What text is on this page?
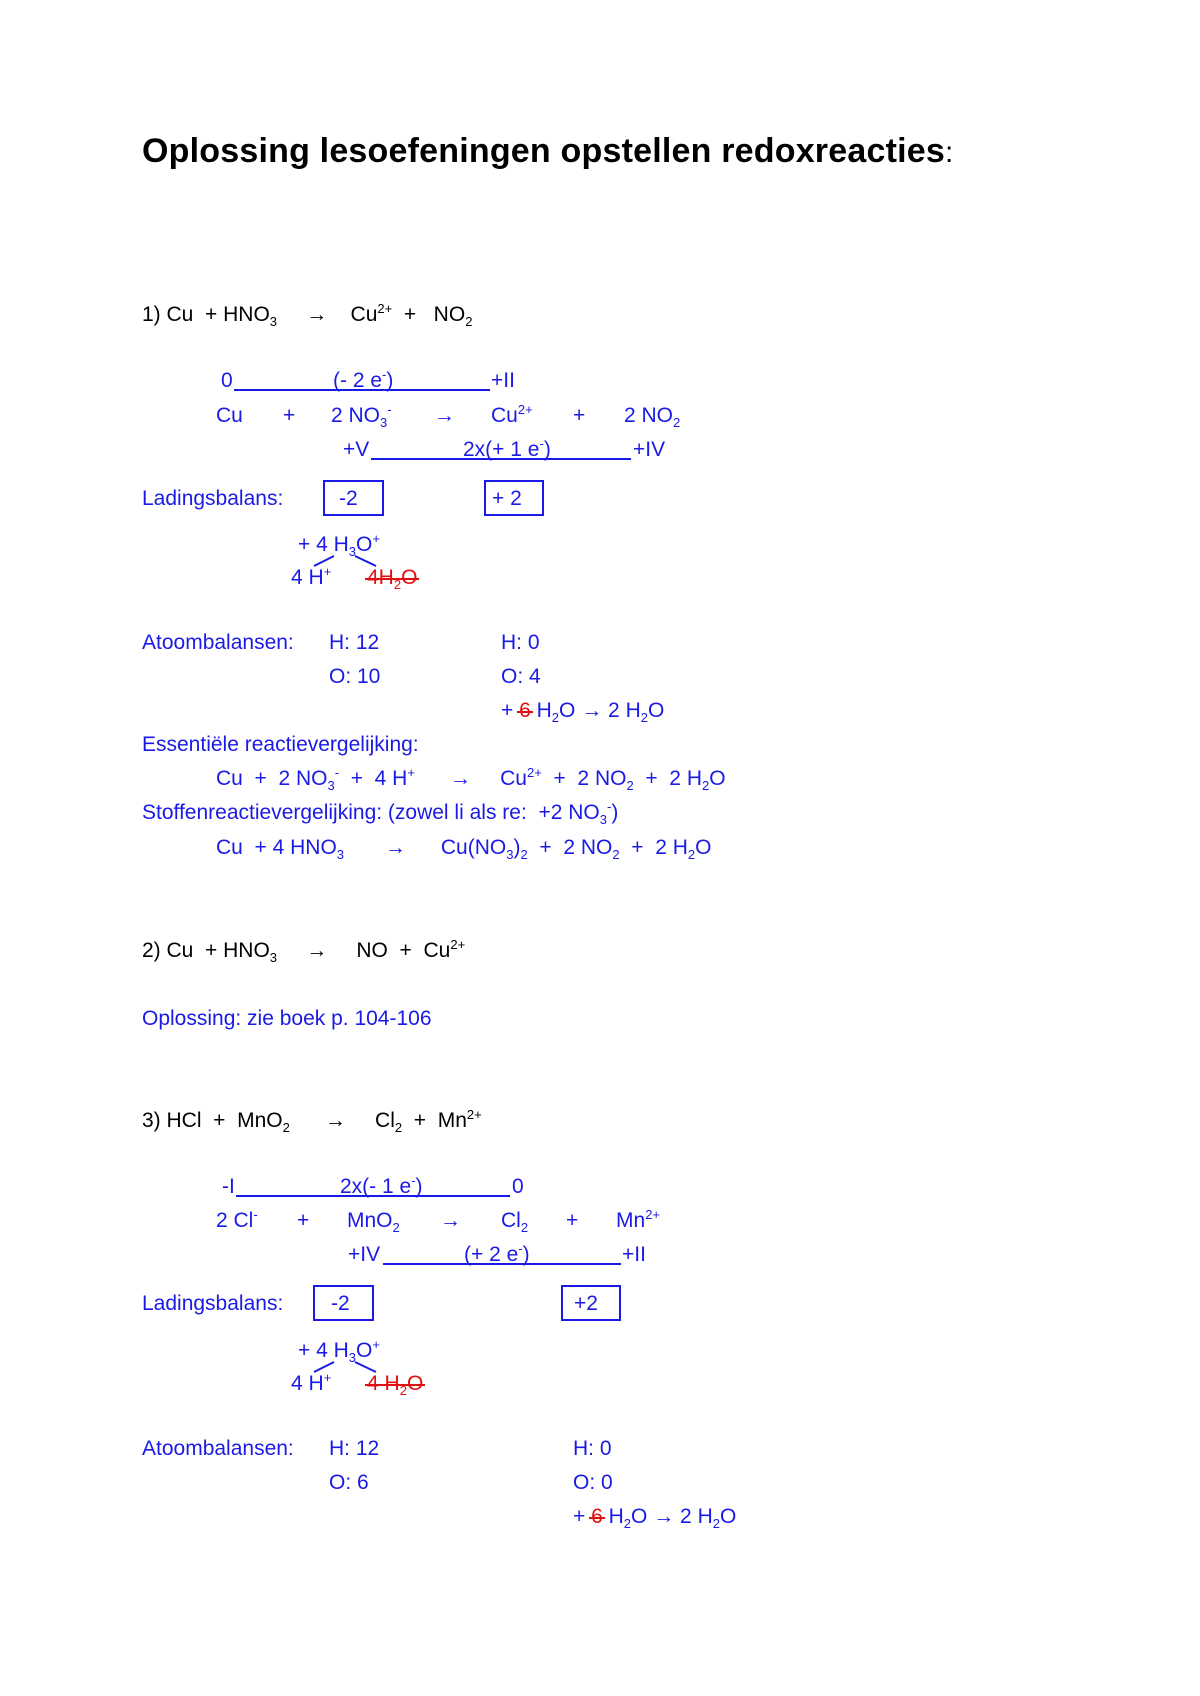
Oplossing lesoefeningen opstellen redoxreacties:
1) $Cu + HNO_3$     →    $Cu^{2+} + NO_2$
0	(- 2 e-)	+II
Cu + 2 $NO_3^- \to Cu^{2+} + 2$ $NO_2$
+V	2x(+ 1 e-)	+IV
Ladingsbalans:	-2	+ 2
+ 4 $H_3O^+$
4 H+ $4H_2O$
Atoombalansen: H: 12	H: 0
O: 10	O: 4
+ 6 $H_2O \to 2$ $H_2O$
Essentiële reactievergelijking:
Cu  +  2 $NO_3^- + 4$ H+      →     $Cu^{2+} + 2$ $NO_2 + 2$ $H_2O$
Stoffenreactievergelijking: (zowel li als re:  +2 $NO_3^-$)
Cu  + 4 $HNO_3$       →      $Cu(NO_3)_2 + 2$ $NO_2 + 2$ $H_2O$
2) $Cu + HNO_3$     →     NO  +  $Cu^{2+}$
Oplossing: zie boek p. 104-106
3) HCl  +  MnO$_2$      →     $Cl_2 + Mn^{2+}$
-I	2x(- 1 e-)	0
2 $Cl^- + MnO_2 \to Cl_2 + Mn^{2+}$
+IV	(+ 2 e-)	+II
Ladingsbalans: -2	+2
+ 4 $H_3O^+$
4 H+ 4 $H_2O$
Atoombalansen: H: 12	H: 0
O: 6	O: 0
+ 6 $H_2O \to 2$ $H_2O$
